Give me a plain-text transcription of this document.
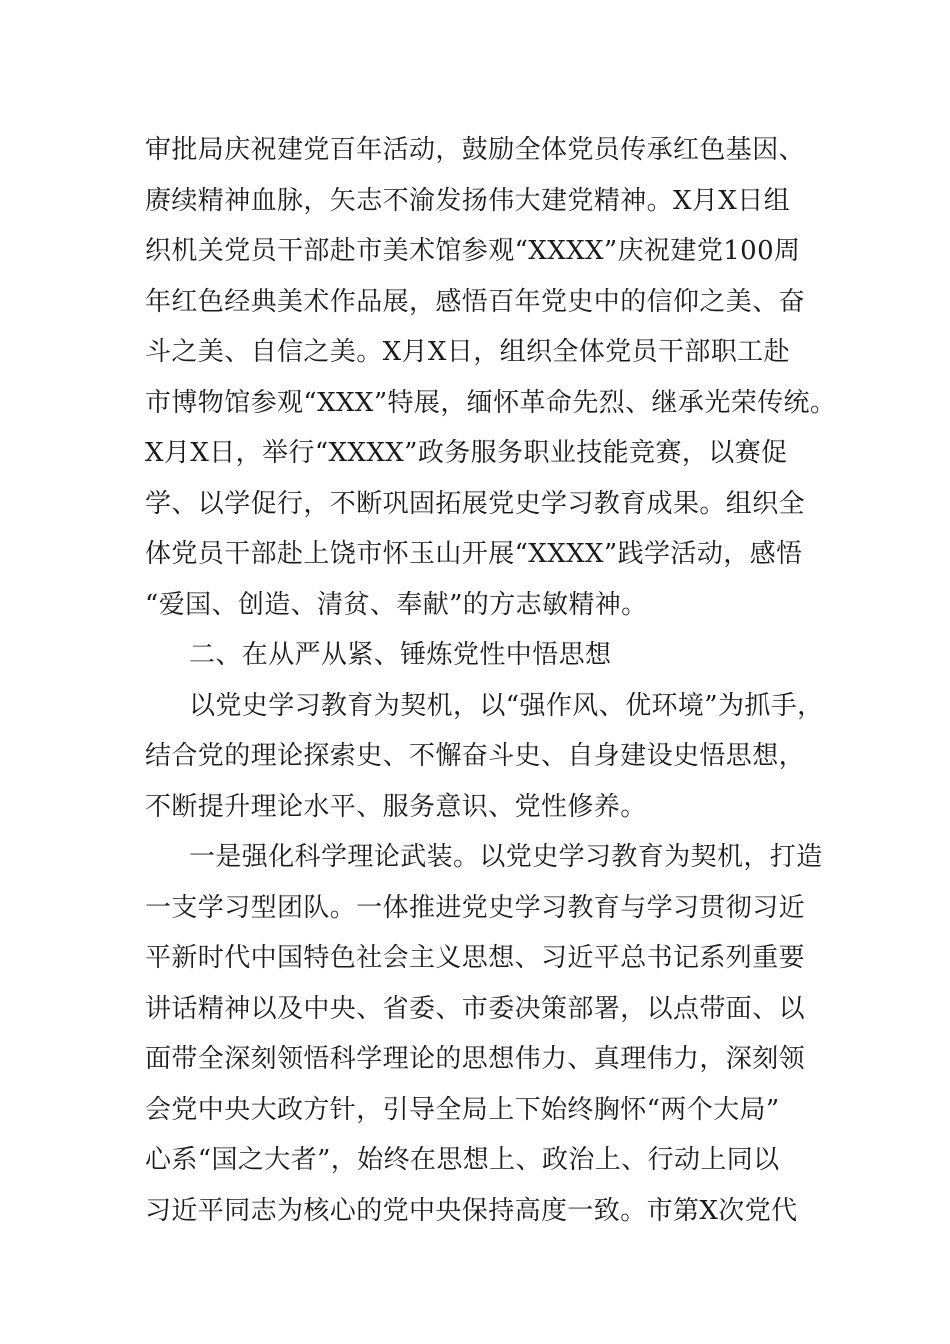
审批局庆祝建党百年活动，鼓励全体党员传承红色基因、
赓续精神血脉，矢志不渝发扬伟大建党精神。X月X日组
织机关党员干部赴市美术馆参观“XXXX”庆祝建党100周
年红色经典美术作品展，感悟百年党史中的信仰之美、奋
斗之美、自信之美。X月X日，组织全体党员干部职工赴
市博物馆参观“XXX”特展，缅怀革命先烈、继承光荣传统。
X月X日，举行“XXXX”政务服务职业技能竞赛，以赛促
学、以学促行，不断巩固拓展党史学习教育成果。组织全
体党员干部赴上饶市怀玉山开展“XXXX”践学活动，感悟
“爱国、创造、清贫、奉献”的方志敏精神。
二、在从严从紧、锤炼党性中悟思想
以党史学习教育为契机，以“强作风、优环境”为抓手，
结合党的理论探索史、不懈奋斗史、自身建设史悟思想，
不断提升理论水平、服务意识、党性修养。
一是强化科学理论武装。以党史学习教育为契机，打造
一支学习型团队。一体推进党史学习教育与学习贯彻习近
平新时代中国特色社会主义思想、习近平总书记系列重要
讲话精神以及中央、省委、市委决策部署，以点带面、以
面带全深刻领悟科学理论的思想伟力、真理伟力，深刻领
会党中央大政方针，引导全局上下始终胸怀“两个大局”
心系“国之大者”，始终在思想上、政治上、行动上同以
习近平同志为核心的党中央保持高度一致。市第X次党代
